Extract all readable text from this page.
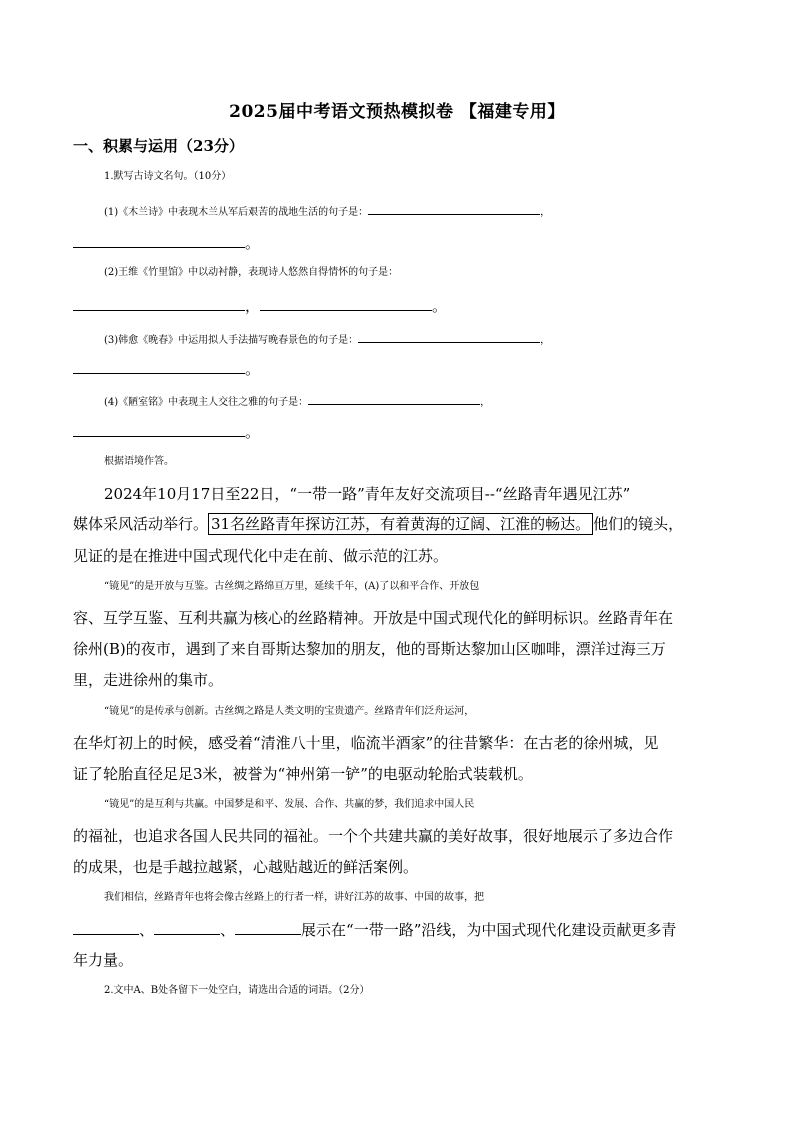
2025届中考语文预热模拟卷 【福建专用】
一、积累与运用（23分）
1.默写古诗文名句。（10分）
(1)《木兰诗》中表现木兰从军后艰苦的战地生活的句子是：	，
。
(2)王维《竹里馆》中以动衬静，表现诗人悠然自得情怀的句子是：
，	。
(3)韩愈《晚春》中运用拟人手法描写晚春景色的句子是：	，
。
(4)《陋室铭》中表现主人交往之雅的句子是：	，
。
根据语境作答。
2024年10月17日至22日，“一带一路”青年友好交流项目--“丝路青年遇见江苏”
媒体采风活动举行。 31名丝路青年探访江苏，有着黄海的辽阔、江淮的畅达。 他们的镜头，
见证的是在推进中国式现代化中走在前、做示范的江苏。
“镜见”的是开放与互鉴。古丝绸之路绵亘万里，延续千年，(A)了以和平合作、开放包
容、互学互鉴、互利共赢为核心的丝路精神。开放是中国式现代化的鲜明标识。丝路青年在
徐州(B)的夜市，遇到了来自哥斯达黎加的朋友，他的哥斯达黎加山区咖啡，漂洋过海三万
里，走进徐州的集市。
“镜见”的是传承与创新。古丝绸之路是人类文明的宝贵遗产。丝路青年们泛舟运河，
在华灯初上的时候，感受着“清淮八十里，临流半酒家”的往昔繁华：在古老的徐州城，见
证了轮胎直径足足3米，被誉为“神州第一铲”的电驱动轮胎式装载机。
“镜见”的是互利与共赢。中国梦是和平、发展、合作、共赢的梦，我们追求中国人民
的福祉，也追求各国人民共同的福祉。一个个共建共赢的美好故事，很好地展示了多边合作
的成果，也是手越拉越紧，心越贴越近的鲜活案例。
我们相信，丝路青年也将会像古丝路上的行者一样，讲好江苏的故事、中国的故事，把
、	、	展示在“一带一路”沿线，为中国式现代化建设贡献更多青
年力量。
2.文中A、B处各留下一处空白，请选出合适的词语。（2分）
